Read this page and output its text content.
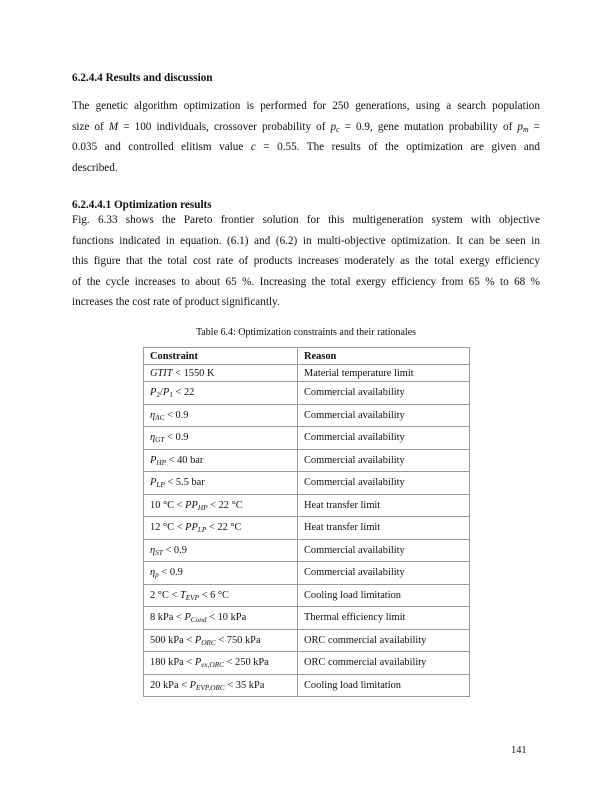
6.2.4.4 Results and discussion
The genetic algorithm optimization is performed for 250 generations, using a search population
size of M = 100 individuals, crossover probability of $p_c = 0.9$, gene mutation probability of $p_m$ =
0.035 and controlled elitism value c = 0.55. The results of the optimization are given and
described.
6.2.4.4.1 Optimization results
Fig. 6.33 shows the Pareto frontier solution for this multigeneration system with objective
functions indicated in equation. (6.1) and (6.2) in multi-objective optimization. It can be seen in
this figure that the total cost rate of products increases moderately as the total exergy efficiency
of the cycle increases to about 65 %. Increasing the total exergy efficiency from 65 % to 68 %
increases the cost rate of product significantly.
Table 6.4: Optimization constraints and their rationales
Constraint	Reason
GTIT < 1550 K	Material temperature limit
$P_2/P_1 < 22$	Commercial availability
$\eta_{AC} < 0.9$	Commercial availability
$\eta_{GT} < 0.9$	Commercial availability
$P_{HP} < 40$ bar	Commercial availability
$P_{LP} < 5.5$ bar	Commercial availability
10 $^\circ C < PP_{HP} < 22$ °C	Heat transfer limit
12 $^\circ C < PP_{LP} < 22$ °C	Heat transfer limit
$\eta_{ST} < 0.9$	Commercial availability
$\eta_p < 0.9$	Commercial availability
2 $^\circ C < T_{EVP} < 6$ °C	Cooling load limitation
8 kPa < $P_{Cond} < 10$ kPa	Thermal efficiency limit
500 kPa < $P_{ORC} < 750$ kPa	ORC commercial availability
180 kPa < $P_{ex,ORC} < 250$ kPa	ORC commercial availability
20 kPa < $P_{EVP,ORC} < 35$ kPa	Cooling load limitation
141
